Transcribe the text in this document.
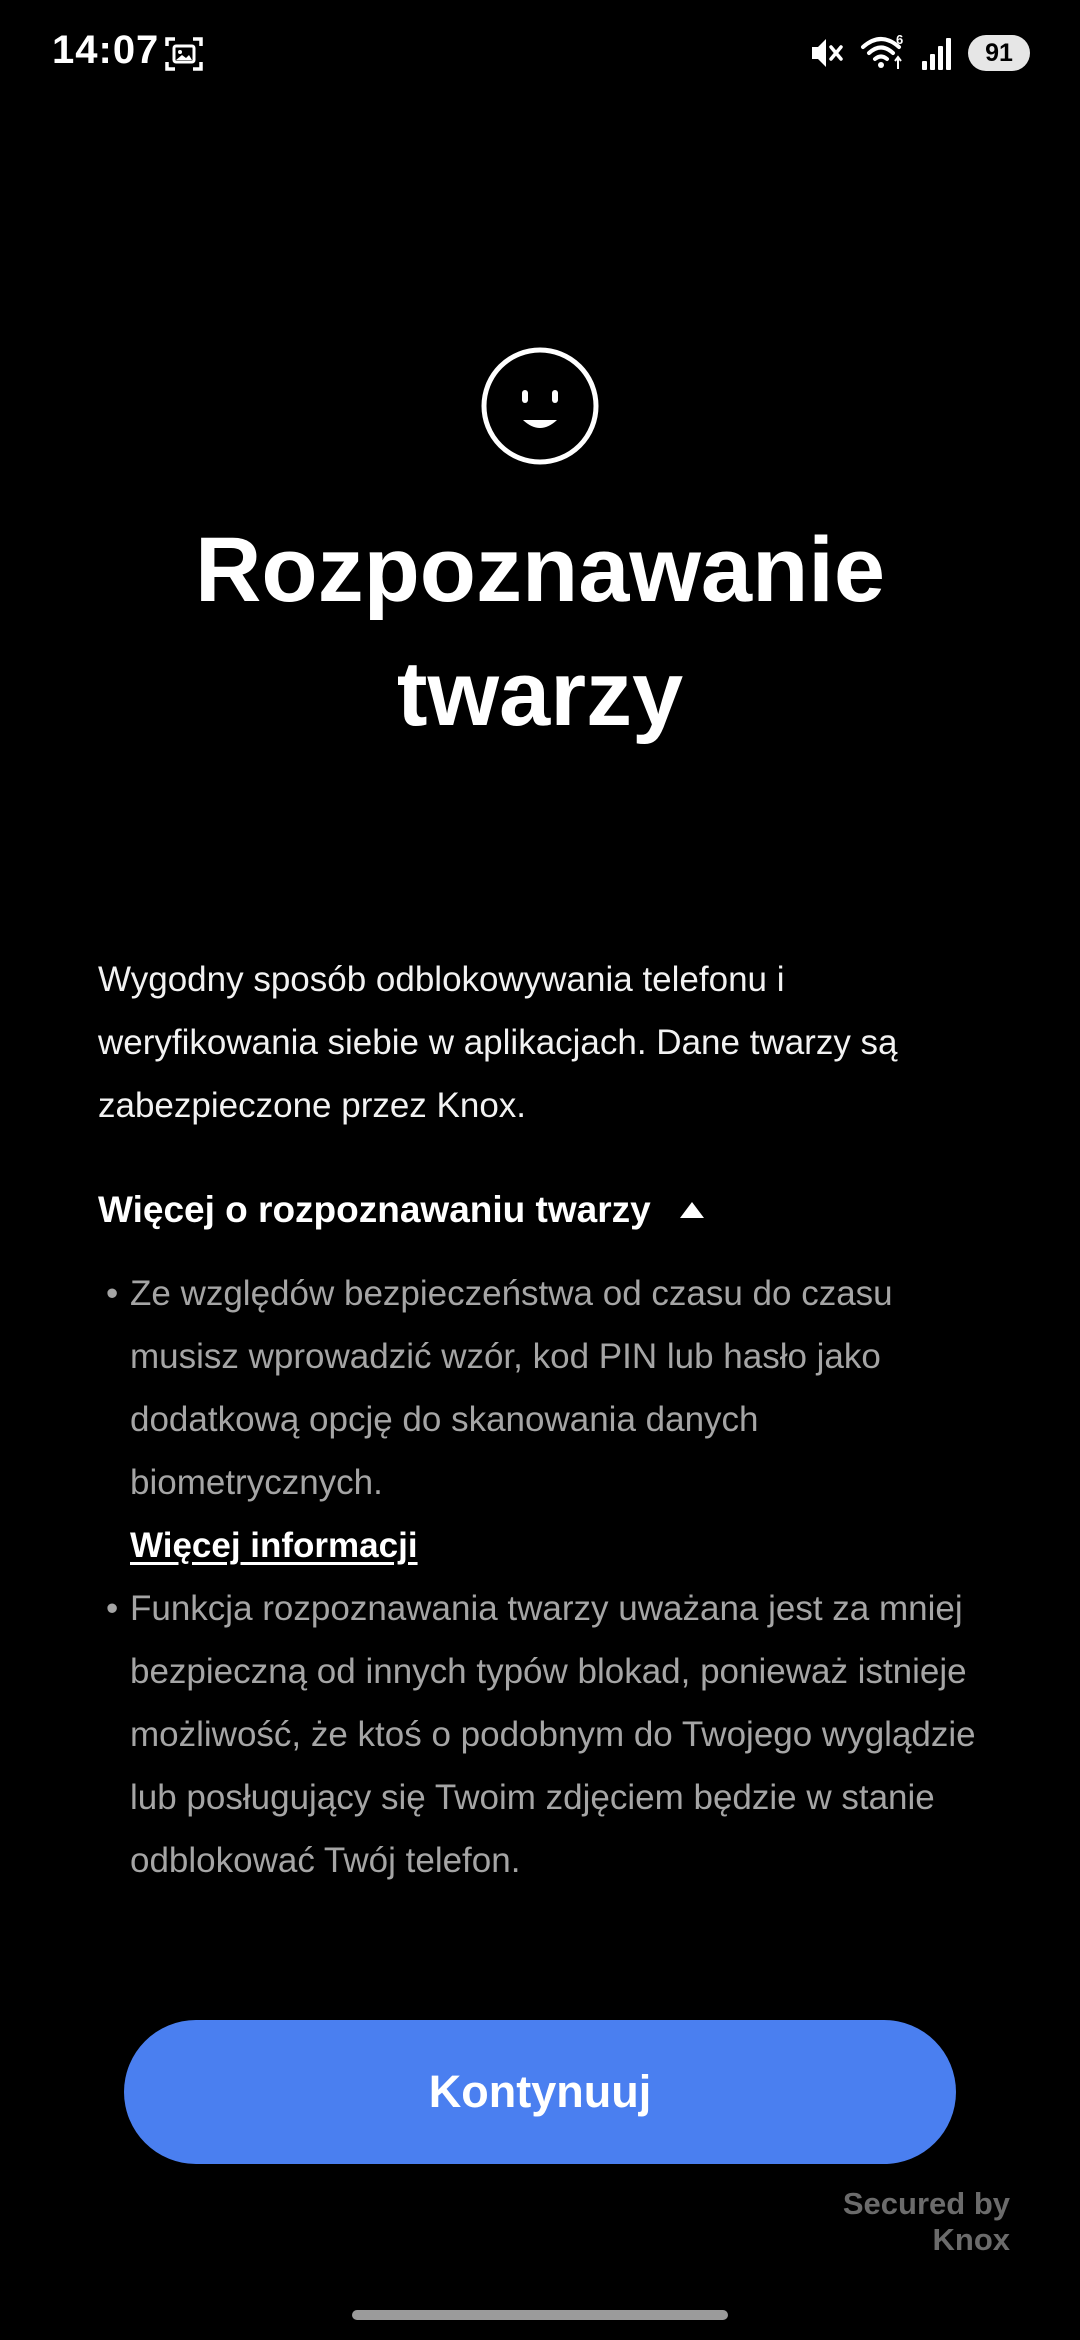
14:07	6	91
Rozpoznawanie
twarzy
Wygodny sposób odblokowywania telefonu i weryfikowania siebie w aplikacjach. Dane twarzy są zabezpieczone przez Knox.
Więcej o rozpoznawaniu twarzy
• Ze względów bezpieczeństwa od czasu do czasu musisz wprowadzić wzór, kod PIN lub hasło jako dodatkową opcję do skanowania danych biometrycznych.
Więcej informacji
• Funkcja rozpoznawania twarzy uważana jest za mniej bezpieczną od innych typów blokad, ponieważ istnieje możliwość, że ktoś o podobnym do Twojego wyglądzie lub posługujący się Twoim zdjęciem będzie w stanie odblokować Twój telefon.
Kontynuuj
Secured by
Knox
